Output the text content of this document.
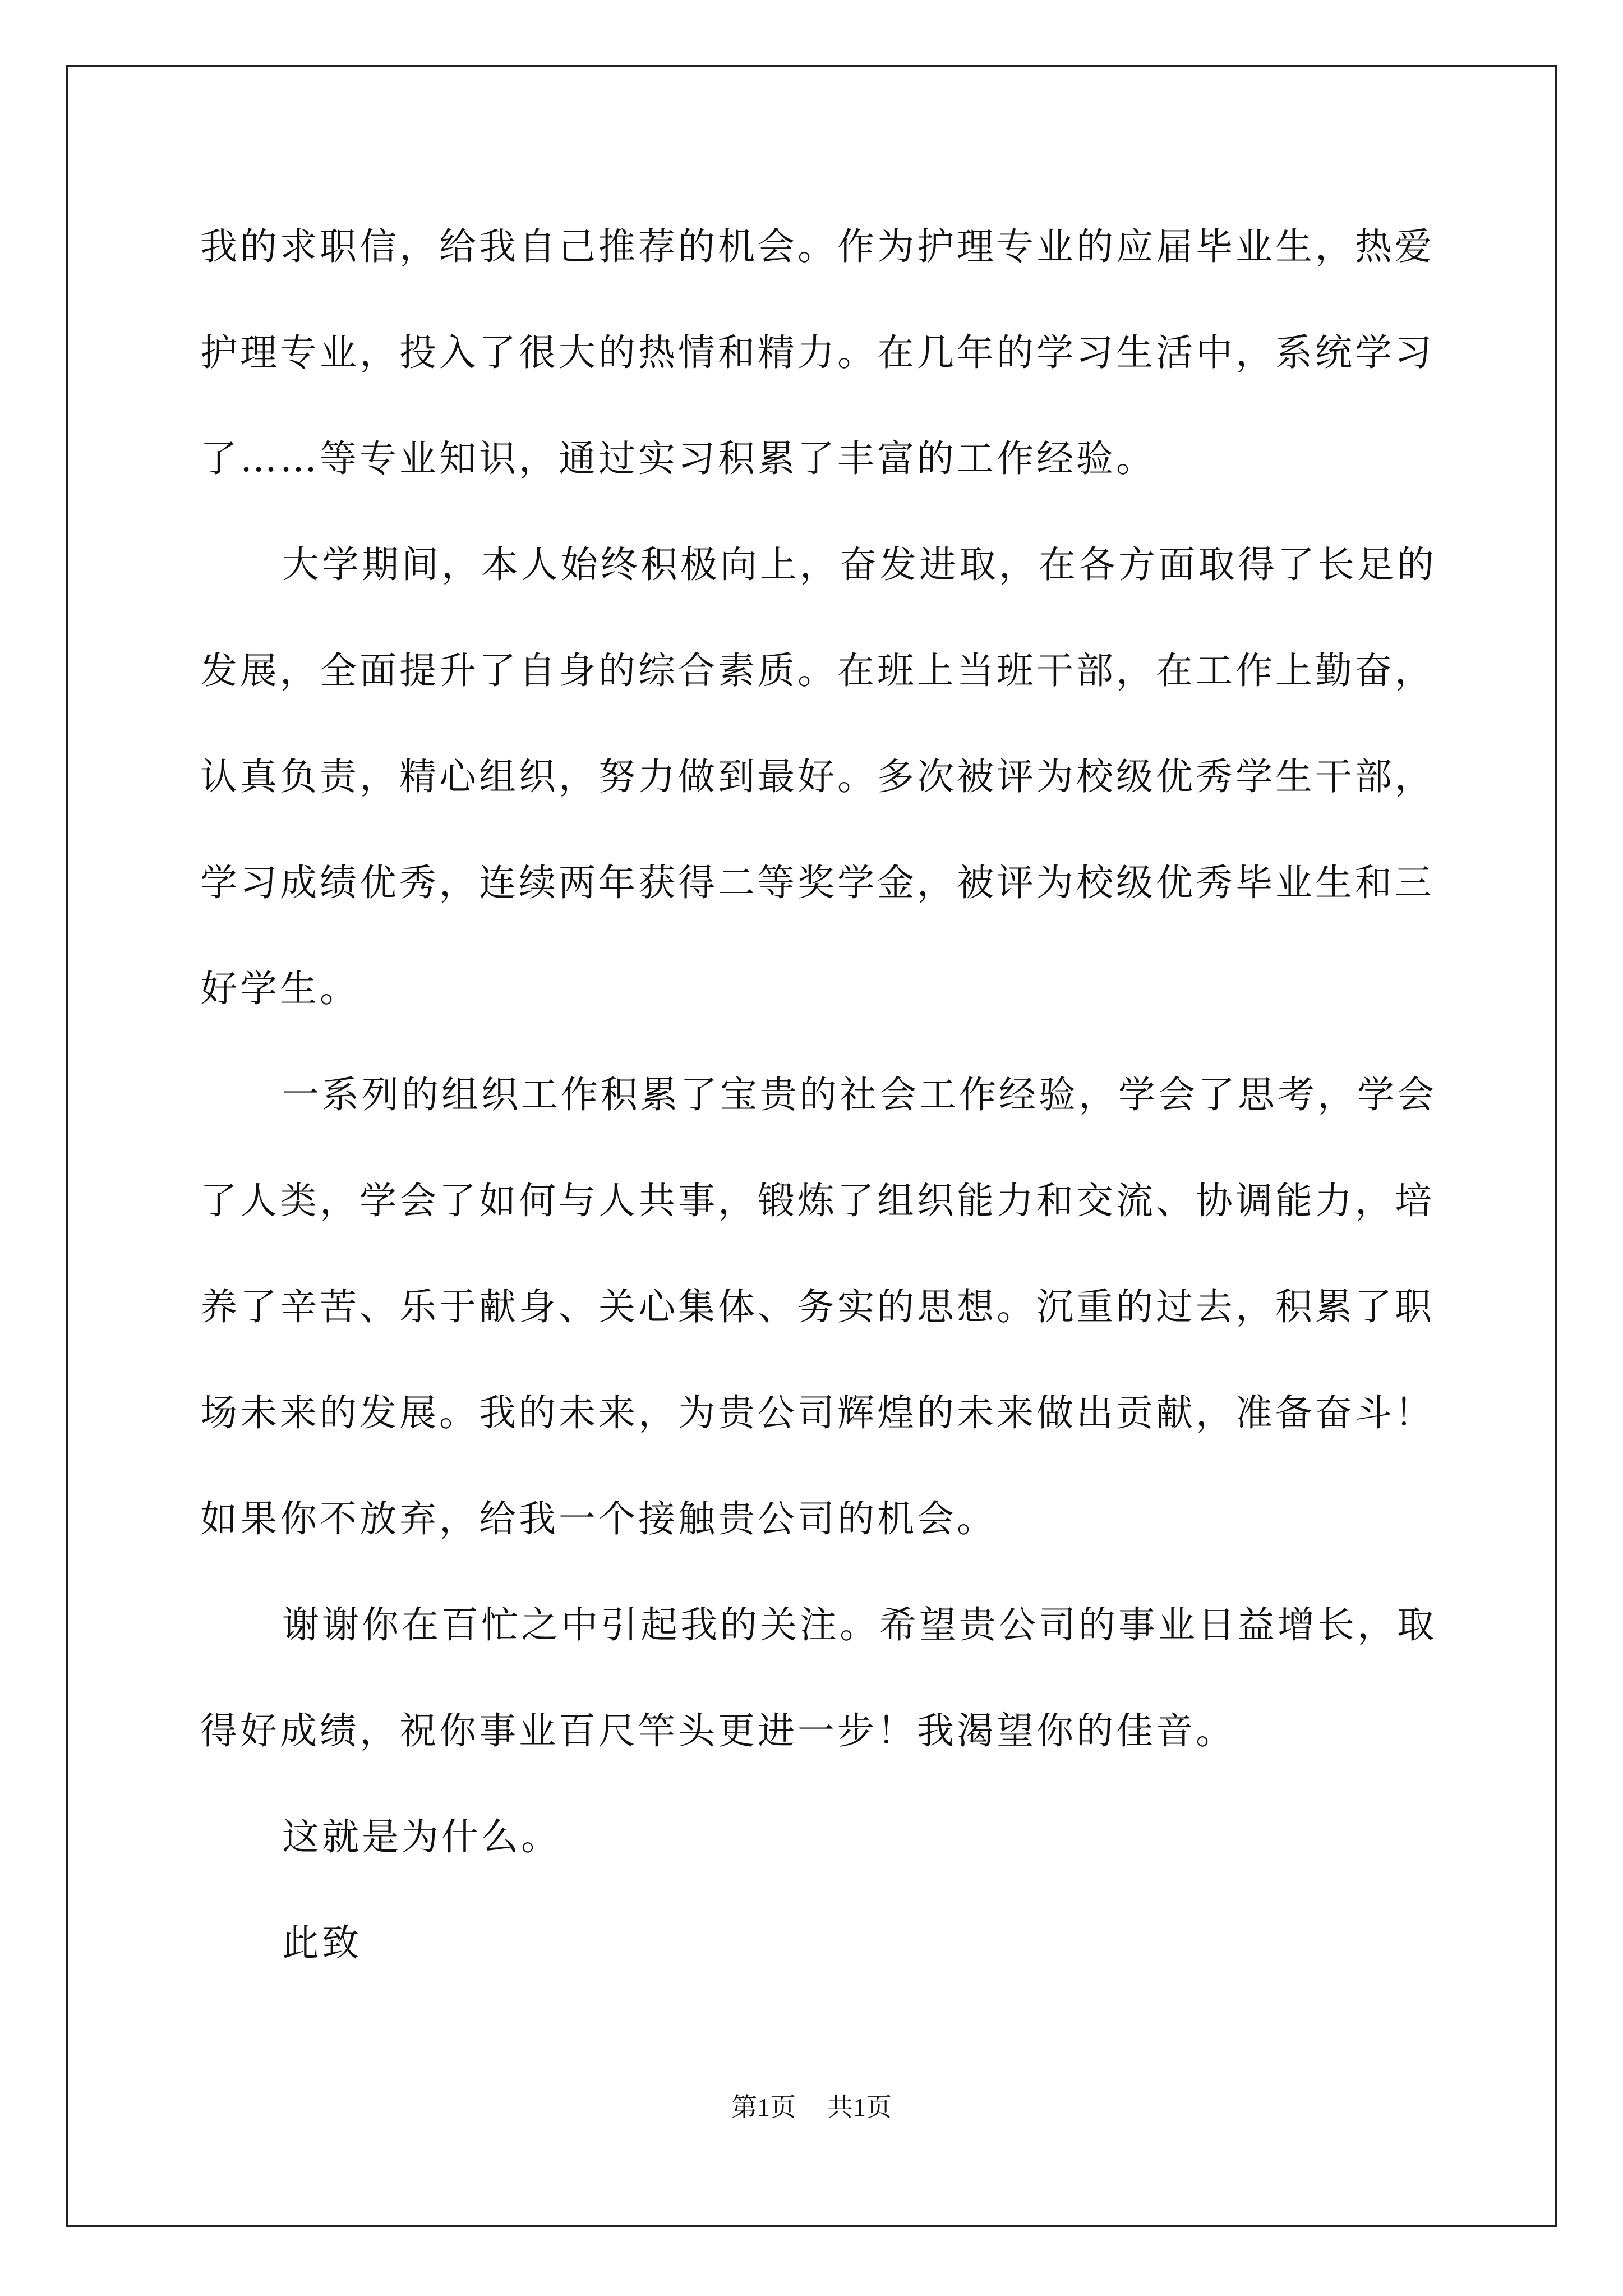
我的求职信，给我自己推荐的机会。作为护理专业的应届毕业生，热爱护理专业，投入了很大的热情和精力。在几年的学习生活中，系统学习了……等专业知识，通过实习积累了丰富的工作经验。

大学期间，本人始终积极向上，奋发进取，在各方面取得了长足的发展，全面提升了自身的综合素质。在班上当班干部，在工作上勤奋，认真负责，精心组织，努力做到最好。多次被评为校级优秀学生干部，学习成绩优秀，连续两年获得二等奖学金，被评为校级优秀毕业生和三好学生。

一系列的组织工作积累了宝贵的社会工作经验，学会了思考，学会了人类，学会了如何与人共事，锻炼了组织能力和交流、协调能力，培养了辛苦、乐于献身、关心集体、务实的思想。沉重的过去，积累了职场未来的发展。我的未来，为贵公司辉煌的未来做出贡献，准备奋斗！如果你不放弃，给我一个接触贵公司的机会。

谢谢你在百忙之中引起我的关注。希望贵公司的事业日益增长，取得好成绩，祝你事业百尺竿头更进一步！我渴望你的佳音。

这就是为什么。

此致

第1页 共1页
